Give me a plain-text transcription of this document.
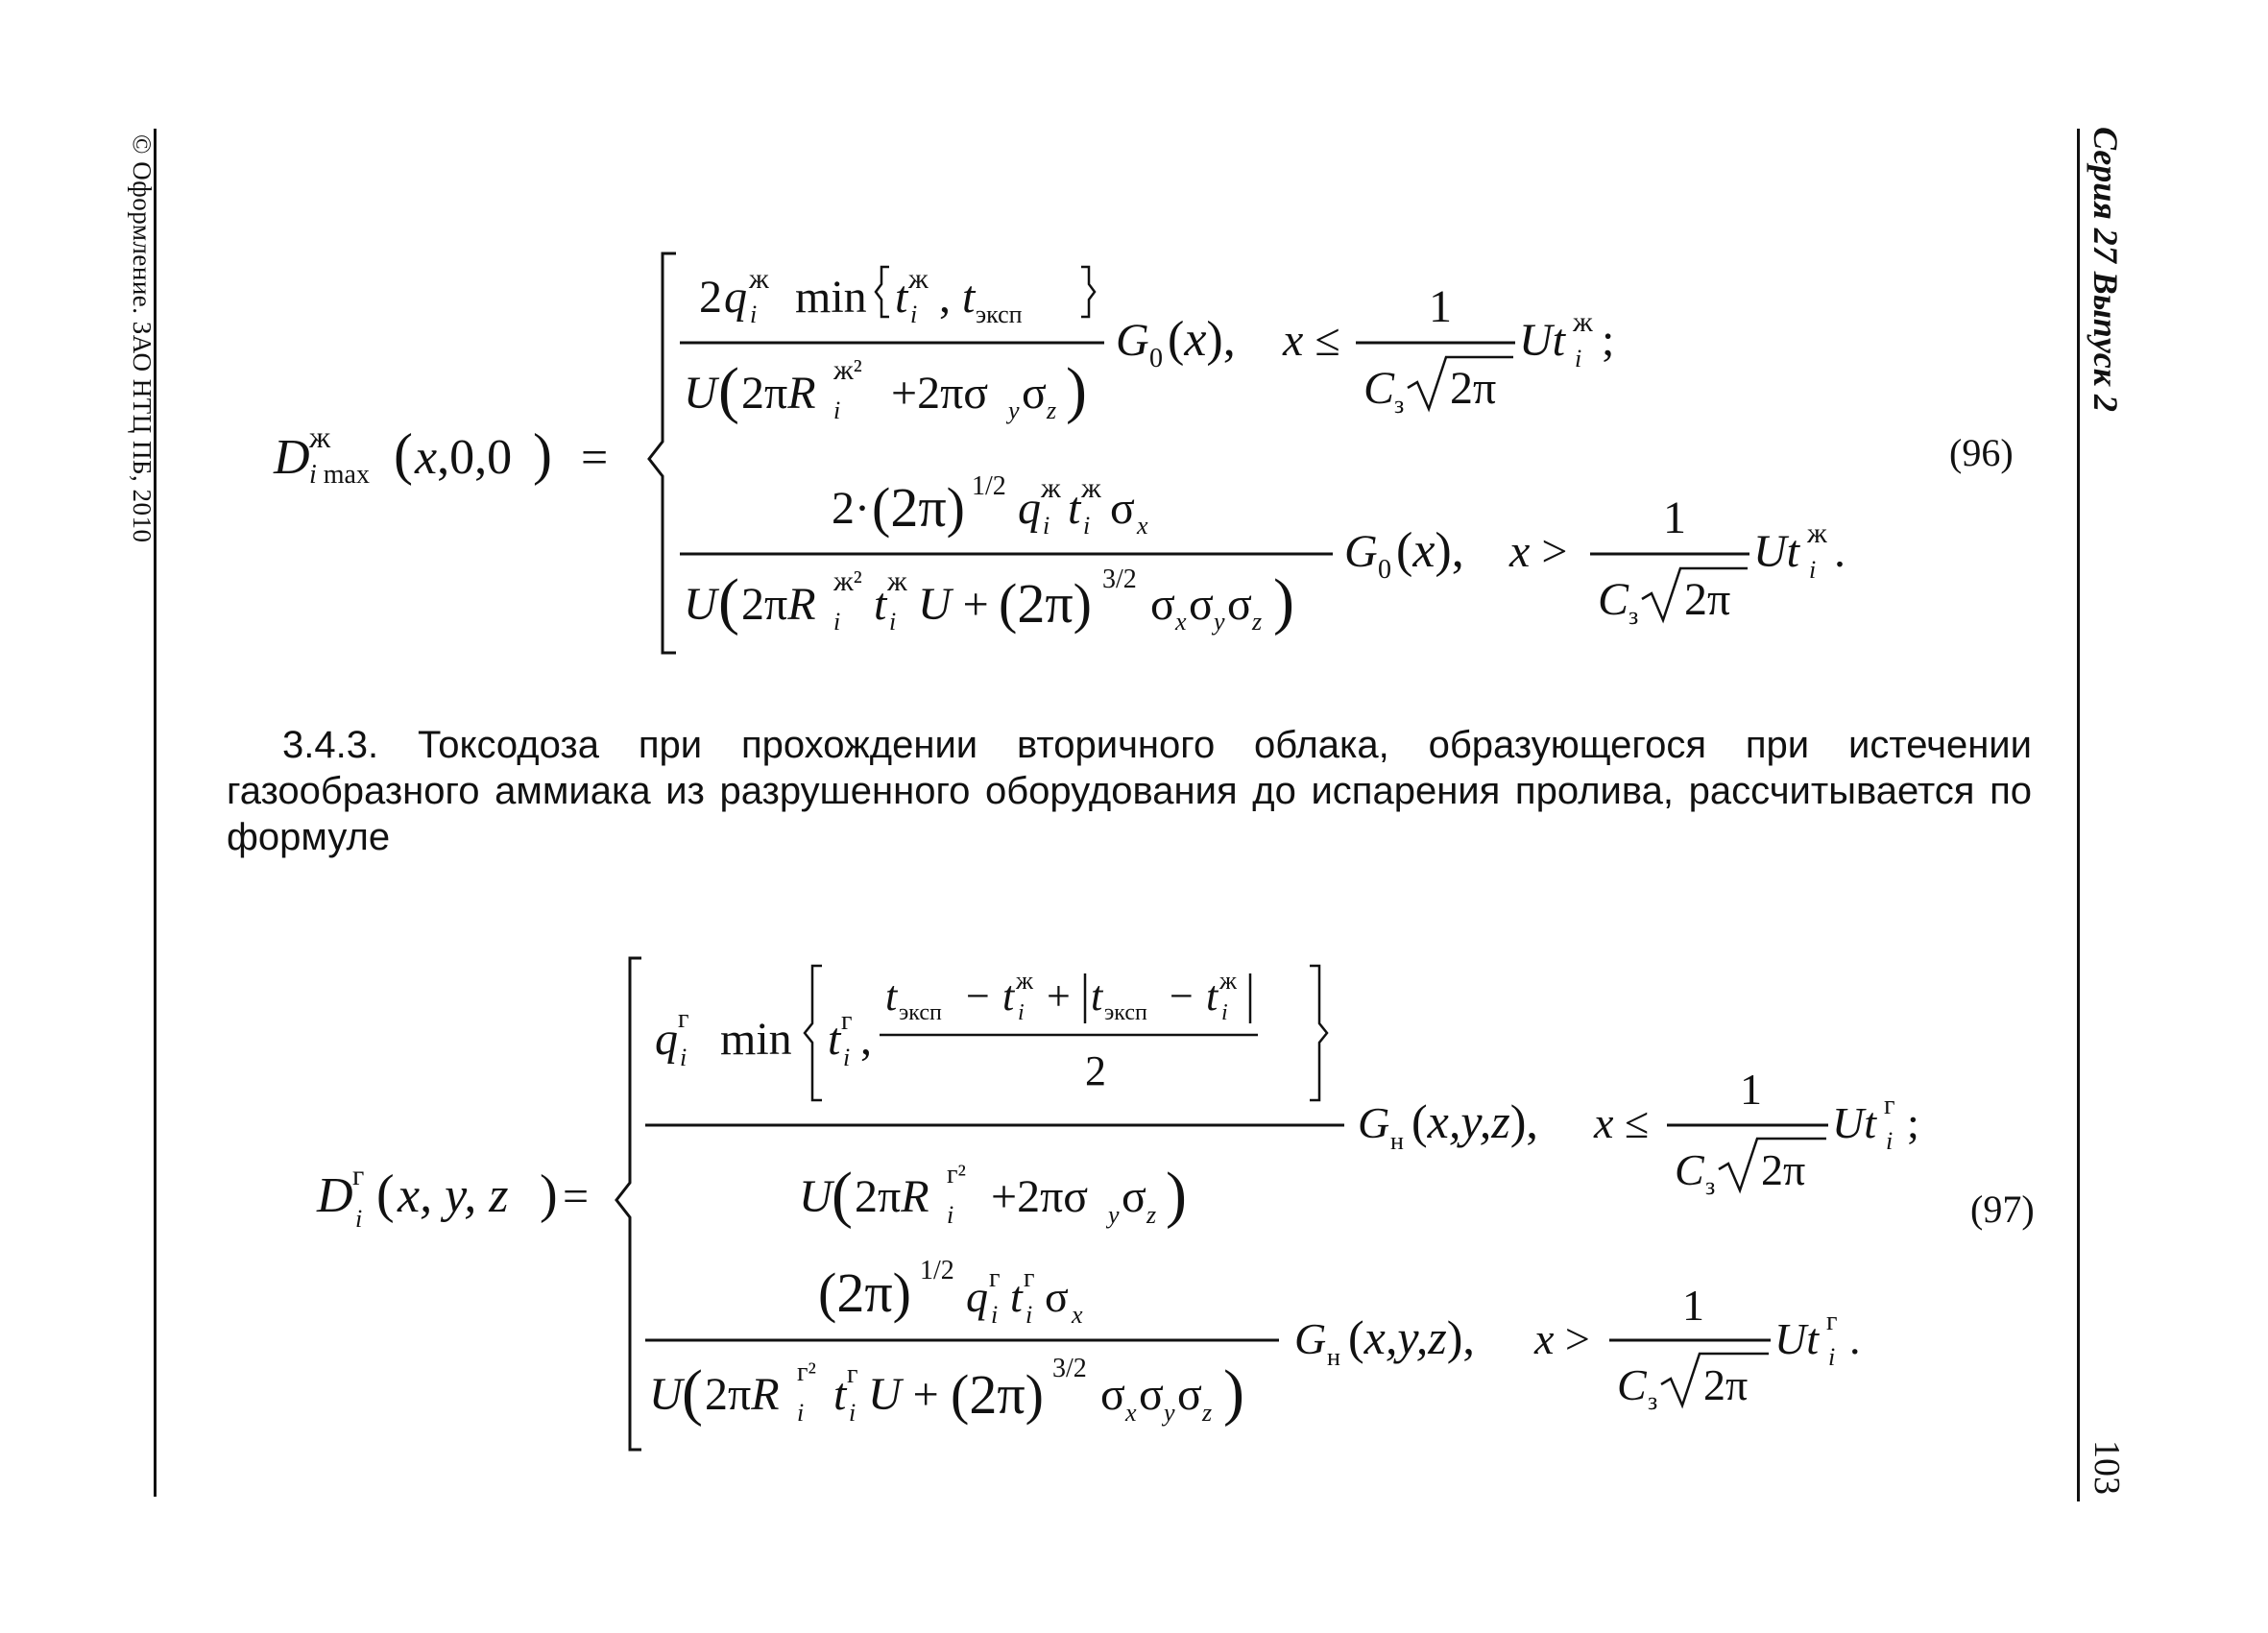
© Оформление. ЗАО НТЦ ПБ, 2010	Серия 27 Выпуск 2
103
D ж
i max ( x,0,0 ) =
2 q ж
i min t ж
i , t эксп
U ( 2πR ж²
i +2πσ y σ z )
G 0 (x), x ≤
1
C з 2π
Ut ж
i ;
2· (2π) 1/2 q ж
i t ж
i σ x
U ( 2πR ж²
i t ж
i U + (2π) 3/2 σ x σ y σ z )
G 0 (x), x >
1
C з 2π
Ut ж
i .
(96)
3.4.3. Токсодоза при прохождении вторичного облака, образующегося при истечении газообразного аммиака из разрушенного оборудования до испарения пролива, рассчитывается по формуле
D г
i ( x, y, z ) =
q г
i min t г
i ,
t эксп − t ж
i + t эксп − t ж
i
2
U ( 2πR г²
i +2πσ y σ z )
G н (x,y,z), x ≤
1
C з 2π
Ut г
i ;
(2π) 1/2
q г
i t г
i σ x
U ( 2πR г²
i t г
i U + (2π) 3/2
σ x σ y σ z )
G н (x,y,z), x >
1
C з 2π
Ut г
i .
(97)
